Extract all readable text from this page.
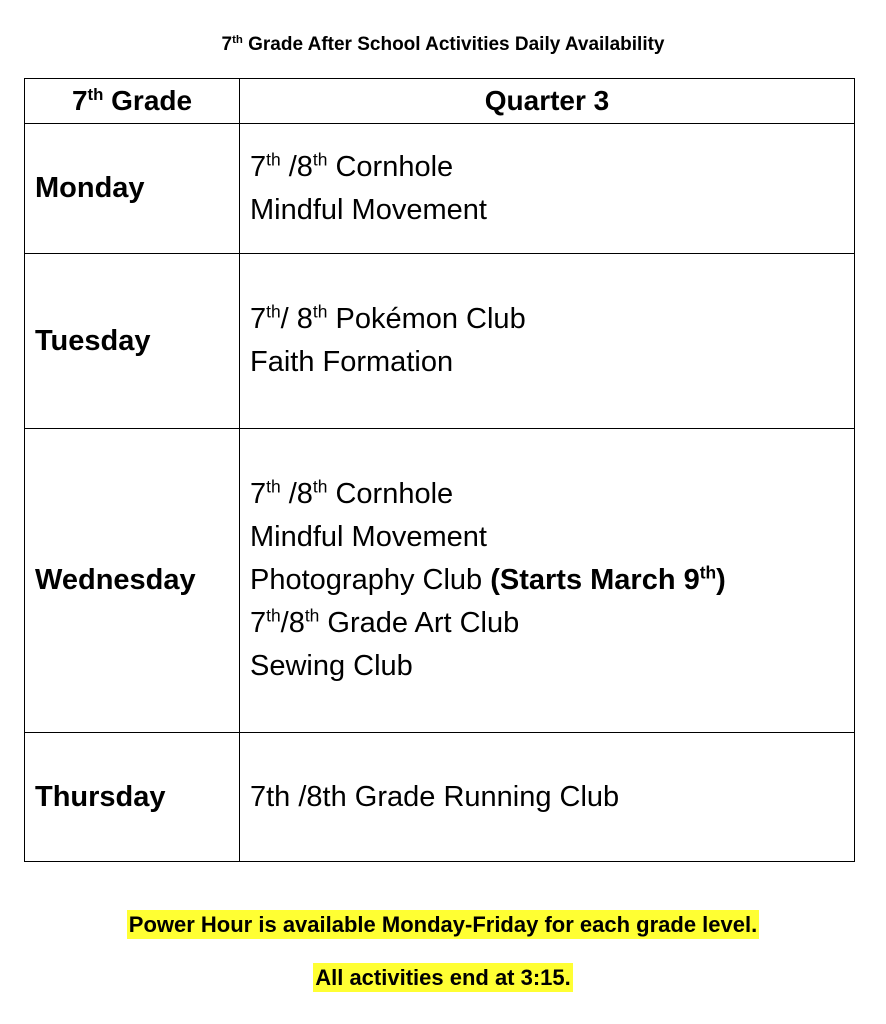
7th Grade After School Activities Daily Availability
7th Grade	Quarter 3
Monday	7th /8th Cornhole
Mindful Movement

Tuesday	7th/ 8th Pokémon Club
Faith Formation

Wednesday	7th /8th Cornhole
Mindful Movement
Photography Club (Starts March 9th)
7th/8th Grade Art Club
Sewing Club

Thursday	7th /8th Grade Running Club
Power Hour is available Monday-Friday for each grade level.
All activities end at 3:15.
